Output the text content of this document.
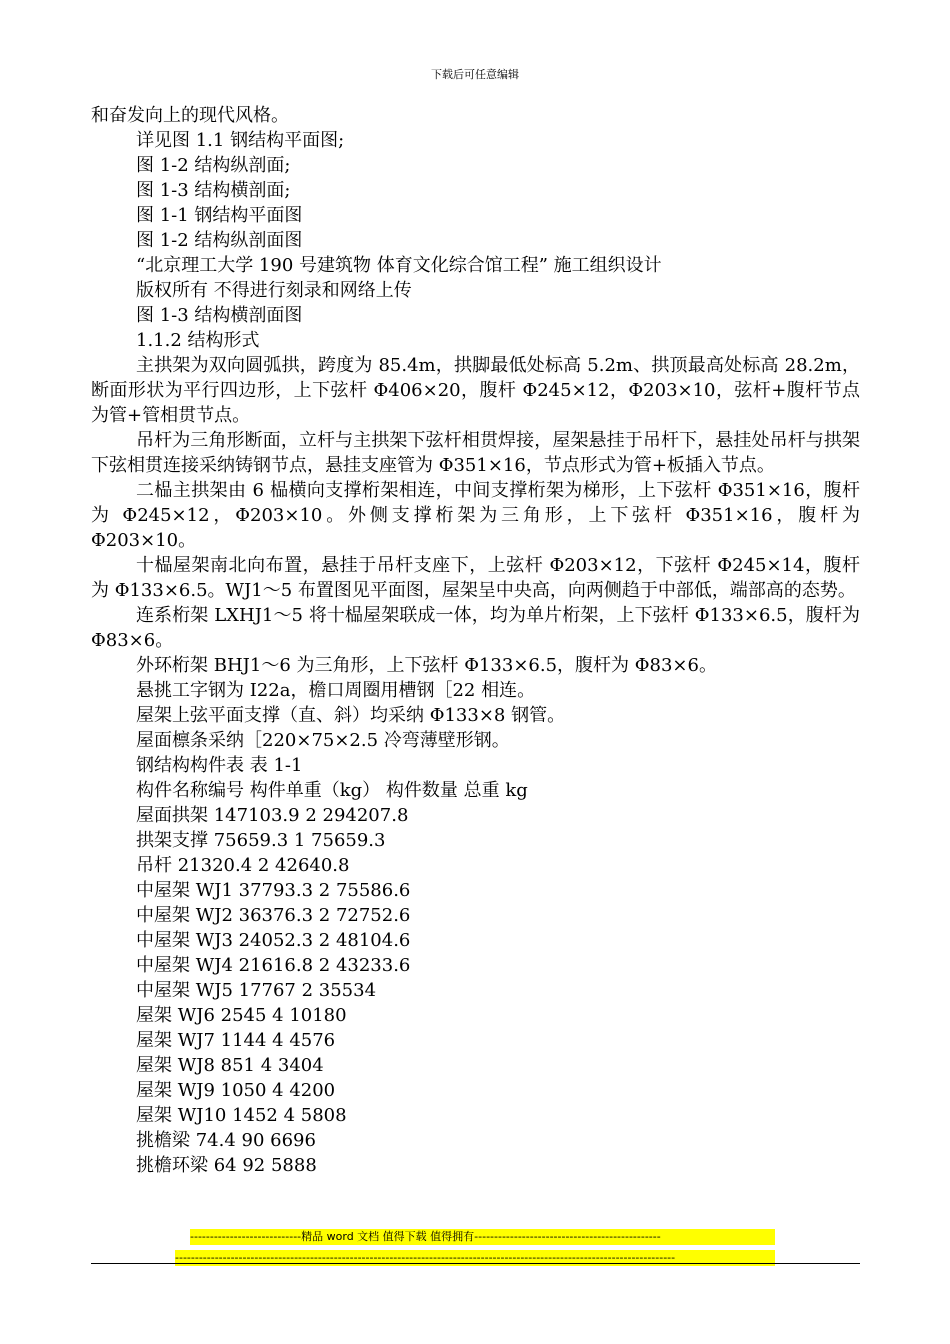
下载后可任意编辑

和奋发向上的现代风格。

详见图 1.1 钢结构平面图;

图 1-2 结构纵剖面;

图 1-3 结构横剖面;

图 1-1 钢结构平面图

图 1-2 结构纵剖面图

“北京理工大学 190 号建筑物 体育文化综合馆工程” 施工组织设计

版权所有 不得进行刻录和网络上传

图 1-3 结构横剖面图

1.1.2 结构形式

主拱架为双向圆弧拱，跨度为 85.4m，拱脚最低处标高 5.2m、拱顶最高处标高 28.2m，断面形状为平行四边形，上下弦杆 Φ406×20，腹杆 Φ245×12，Φ203×10，弦杆+腹杆节点为管+管相贯节点。

吊杆为三角形断面，立杆与主拱架下弦杆相贯焊接，屋架悬挂于吊杆下，悬挂处吊杆与拱架下弦相贯连接采纳铸钢节点，悬挂支座管为 Φ351×16，节点形式为管+板插入节点。

二榀主拱架由 6 榀横向支撑桁架相连，中间支撑桁架为梯形，上下弦杆 Φ351×16，腹杆为 Φ245×12，Φ203×10。外侧支撑桁架为三角形，上下弦杆 Φ351×16，腹杆为 Φ203×10。

十榀屋架南北向布置，悬挂于吊杆支座下，上弦杆 Φ203×12，下弦杆 Φ245×14，腹杆为 Φ133×6.5。WJ1～5 布置图见平面图，屋架呈中央高，向两侧趋于中部低，端部高的态势。

连系桁架 LXHJ1～5 将十榀屋架联成一体，均为单片桁架，上下弦杆 Φ133×6.5，腹杆为 Φ83×6。

外环桁架 BHJ1～6 为三角形，上下弦杆 Φ133×6.5，腹杆为 Φ83×6。

悬挑工字钢为 I22a，檐口周圈用槽钢［22 相连。

屋架上弦平面支撑（直、斜）均采纳 Φ133×8 钢管。

屋面檩条采纳［220×75×2.5 冷弯薄壁形钢。

钢结构构件表 表 1-1

构件名称编号 构件单重（kg） 构件数量 总重 kg

屋面拱架 147103.9 2 294207.8

拱架支撑 75659.3 1 75659.3

吊杆 21320.4 2 42640.8

中屋架 WJ1 37793.3 2 75586.6

中屋架 WJ2 36376.3 2 72752.6

中屋架 WJ3 24052.3 2 48104.6

中屋架 WJ4 21616.8 2 43233.6

中屋架 WJ5 17767 2 35534

屋架 WJ6 2545 4 10180

屋架 WJ7 1144 4 4576

屋架 WJ8 851 4 3404

屋架 WJ9 1050 4 4200

屋架 WJ10 1452 4 5808

挑檐梁 74.4 90 6696

挑檐环梁 64 92 5888

----------------------------精品 word 文档 值得下载 值得拥有-----------------------------------------------
------------------------------------------------------------------------------------------------------------------------------
